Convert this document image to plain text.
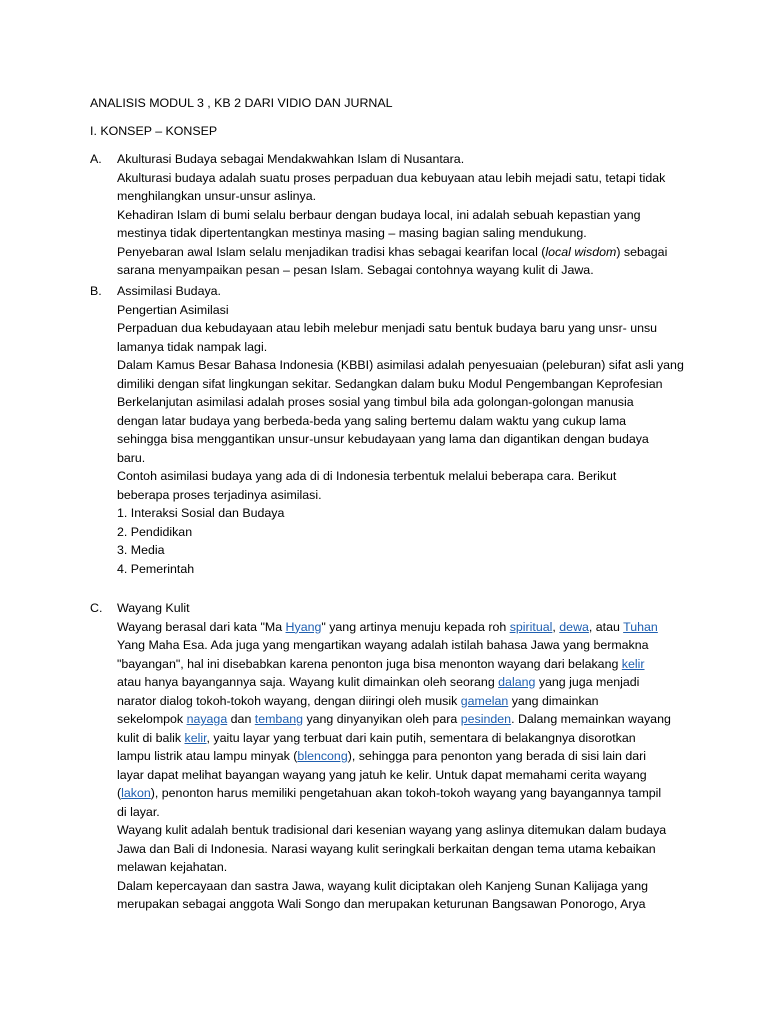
ANALISIS MODUL 3 , KB 2 DARI VIDIO DAN JURNAL
I. KONSEP – KONSEP
A.	Akulturasi Budaya sebagai Mendakwahkan Islam di Nusantara.
Akulturasi budaya adalah suatu proses perpaduan dua kebuyaan atau lebih mejadi satu, tetapi tidak
menghilangkan unsur-unsur aslinya.
Kehadiran Islam di bumi selalu berbaur dengan budaya local, ini adalah sebuah kepastian yang
mestinya tidak dipertentangkan mestinya masing – masing bagian saling mendukung.
Penyebaran awal Islam selalu menjadikan tradisi khas sebagai kearifan local (local wisdom) sebagai
sarana menyampaikan pesan – pesan Islam. Sebagai contohnya wayang kulit di Jawa.
B.	Assimilasi Budaya.
Pengertian Asimilasi
Perpaduan dua kebudayaan atau lebih melebur menjadi satu bentuk budaya baru yang unsr- unsu
lamanya tidak nampak lagi.
Dalam Kamus Besar Bahasa Indonesia (KBBI) asimilasi adalah penyesuaian (peleburan) sifat asli yang
dimiliki dengan sifat lingkungan sekitar. Sedangkan dalam buku Modul Pengembangan Keprofesian
Berkelanjutan asimilasi adalah proses sosial yang timbul bila ada golongan-golongan manusia
dengan latar budaya yang berbeda-beda yang saling bertemu dalam waktu yang cukup lama
sehingga bisa menggantikan unsur-unsur kebudayaan yang lama dan digantikan dengan budaya
baru.
Contoh asimilasi budaya yang ada di di Indonesia terbentuk melalui beberapa cara. Berikut
beberapa proses terjadinya asimilasi.
1. Interaksi Sosial dan Budaya
2. Pendidikan
3. Media
4. Pemerintah
C.	Wayang Kulit
Wayang berasal dari kata "Ma Hyang" yang artinya menuju kepada roh spiritual, dewa, atau Tuhan
Yang Maha Esa. Ada juga yang mengartikan wayang adalah istilah bahasa Jawa yang bermakna
"bayangan", hal ini disebabkan karena penonton juga bisa menonton wayang dari belakang kelir
atau hanya bayangannya saja. Wayang kulit dimainkan oleh seorang dalang yang juga menjadi
narator dialog tokoh-tokoh wayang, dengan diiringi oleh musik gamelan yang dimainkan
sekelompok nayaga dan tembang yang dinyanyikan oleh para pesinden. Dalang memainkan wayang
kulit di balik kelir, yaitu layar yang terbuat dari kain putih, sementara di belakangnya disorotkan
lampu listrik atau lampu minyak (blencong), sehingga para penonton yang berada di sisi lain dari
layar dapat melihat bayangan wayang yang jatuh ke kelir. Untuk dapat memahami cerita wayang
(lakon), penonton harus memiliki pengetahuan akan tokoh-tokoh wayang yang bayangannya tampil
di layar.
Wayang kulit adalah bentuk tradisional dari kesenian wayang yang aslinya ditemukan dalam budaya
Jawa dan Bali di Indonesia. Narasi wayang kulit seringkali berkaitan dengan tema utama kebaikan
melawan kejahatan.
Dalam kepercayaan dan sastra Jawa, wayang kulit diciptakan oleh Kanjeng Sunan Kalijaga yang
merupakan sebagai anggota Wali Songo dan merupakan keturunan Bangsawan Ponorogo, Arya
